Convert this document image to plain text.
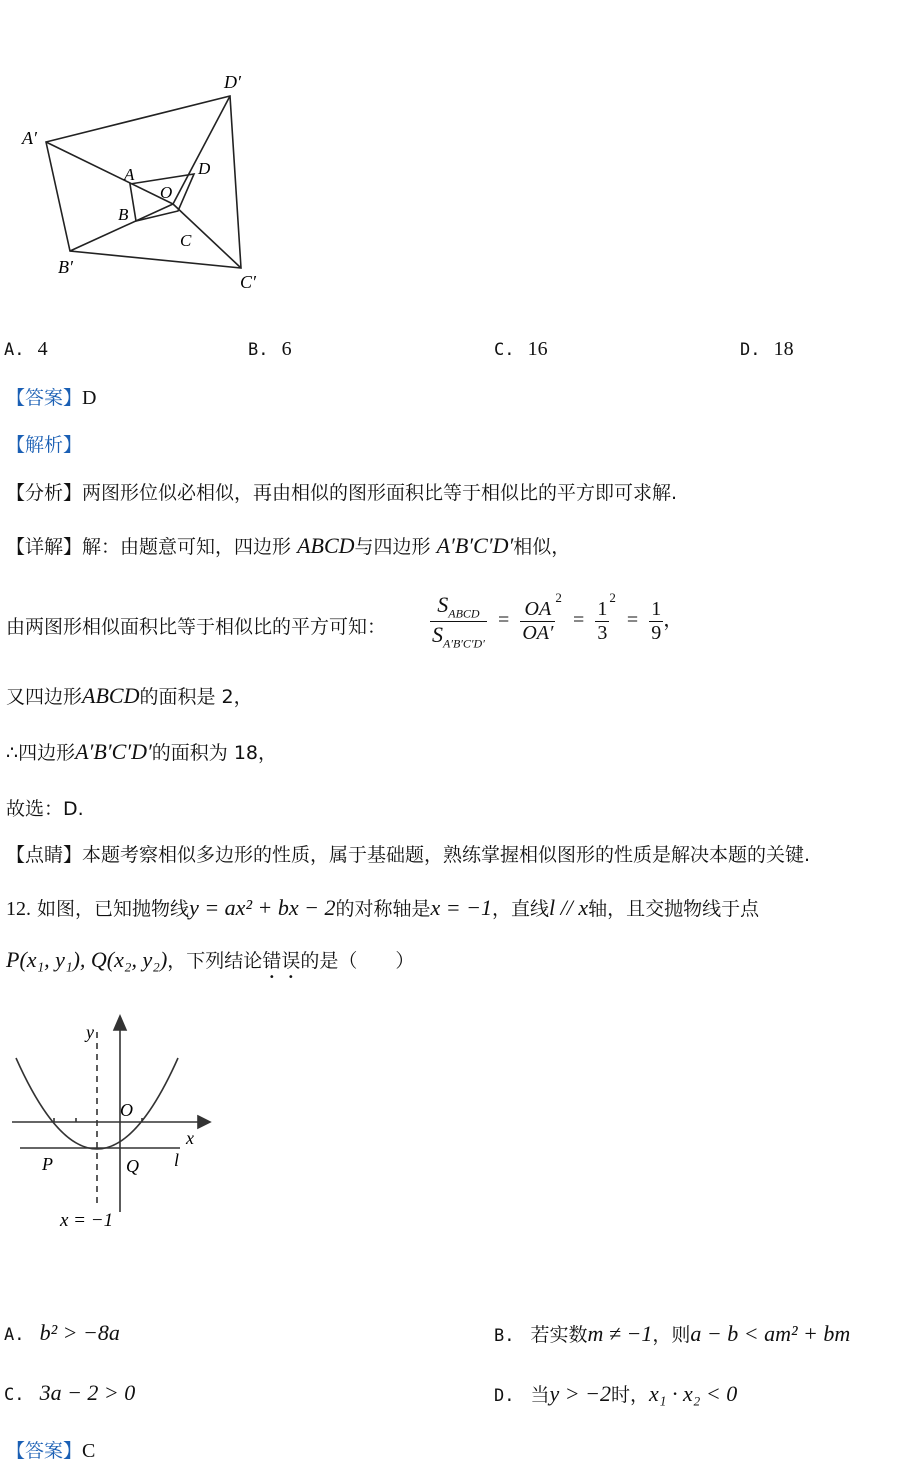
A′
D′
B′
C′
A	D
B
C
O
A. 4	B. 6	C. 16	D. 18
【答案】D
【解析】
【分析】两图形位似必相似，再由相似的图形面积比等于相似比的平方即可求解.
【详解】解：由题意可知，四边形 ABCD与四边形 A′B′C′D′相似，
由两图形相似面积比等于相似比的平方可知： $\frac{S_{ABCD}}{S_{A'B'C'D'}} = \frac{OA}{OA'}$
$^2 = \frac{1}{3}$
$^2 = \frac{1}{9}$ ，
又四边形ABCD的面积是 2，
∴四边形A′B′C′D′的面积为 18，
故选：D.
【点睛】本题考察相似多边形的性质，属于基础题，熟练掌握相似图形的性质是解决本题的关键.
12. 如图，已知抛物线y = ax² + bx − 2的对称轴是x = −1，直线l // x轴，且交抛物线于点
P(x₁, y₁), Q(x₂, y₂)，下列结论错误的是（　　）
y
x
O
P	Q l
x = −1
A. b² > −8a	B. 若实数m ≠ −1，则a − b < am² + bm
C. 3a − 2 > 0	D. 当y > −2时，x₁ · x₂ < 0
【答案】C
